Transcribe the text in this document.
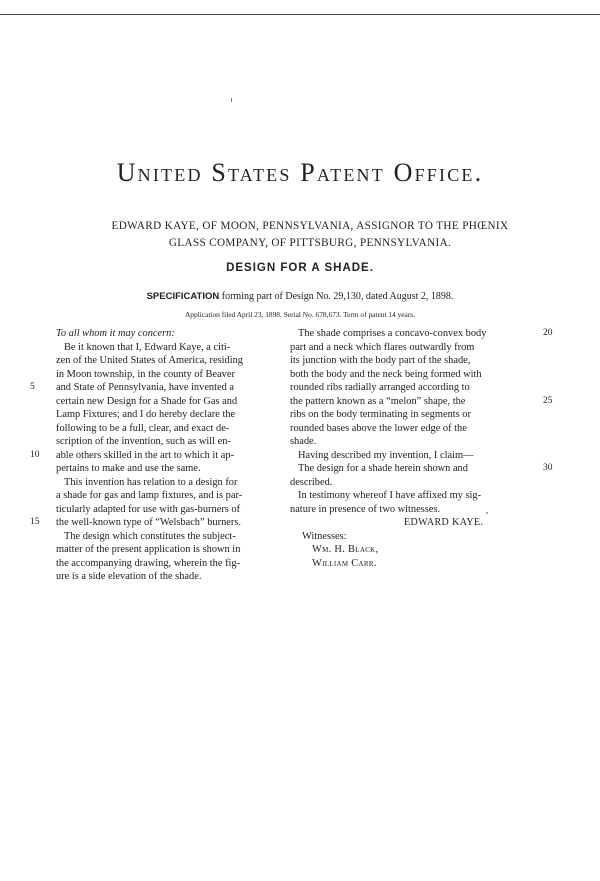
United States Patent Office.
EDWARD KAYE, OF MOON, PENNSYLVANIA, ASSIGNOR TO THE PHŒNIX
GLASS COMPANY, OF PITTSBURG, PENNSYLVANIA.
DESIGN FOR A SHADE.
SPECIFICATION forming part of Design No. 29,130, dated August 2, 1898.
Application filed April 23, 1898. Serial No. 678,673. Term of patent 14 years.
To all whom it may concern:
Be it known that I, Edward Kaye, a citi-
zen of the United States of America, residing
in Moon township, in the county of Beaver
and State of Pennsylvania, have invented a
5
certain new Design for a Shade for Gas and
Lamp Fixtures; and I do hereby declare the
following to be a full, clear, and exact de-
scription of the invention, such as will en-
able others skilled in the art to which it ap-
10
pertains to make and use the same.
This invention has relation to a design for
a shade for gas and lamp fixtures, and is par-
ticularly adapted for use with gas-burners of
the well-known type of “Welsbach” burners.
15
The design which constitutes the subject-
matter of the present application is shown in
the accompanying drawing, wherein the fig-
ure is a side elevation of the shade.
The shade comprises a concavo-convex body	20
part and a neck which flares outwardly from
its junction with the body part of the shade,
both the body and the neck being formed with
rounded ribs radially arranged according to
the pattern known as a “melon” shape, the	25
ribs on the body terminating in segments or
rounded bases above the lower edge of the
shade.
Having described my invention, I claim—
The design for a shade herein shown and	30
described.
In testimony whereof I have affixed my sig-
nature in presence of two witnesses.
EDWARD KAYE.
Witnesses:
Wm. H. Black,
William Carr.
